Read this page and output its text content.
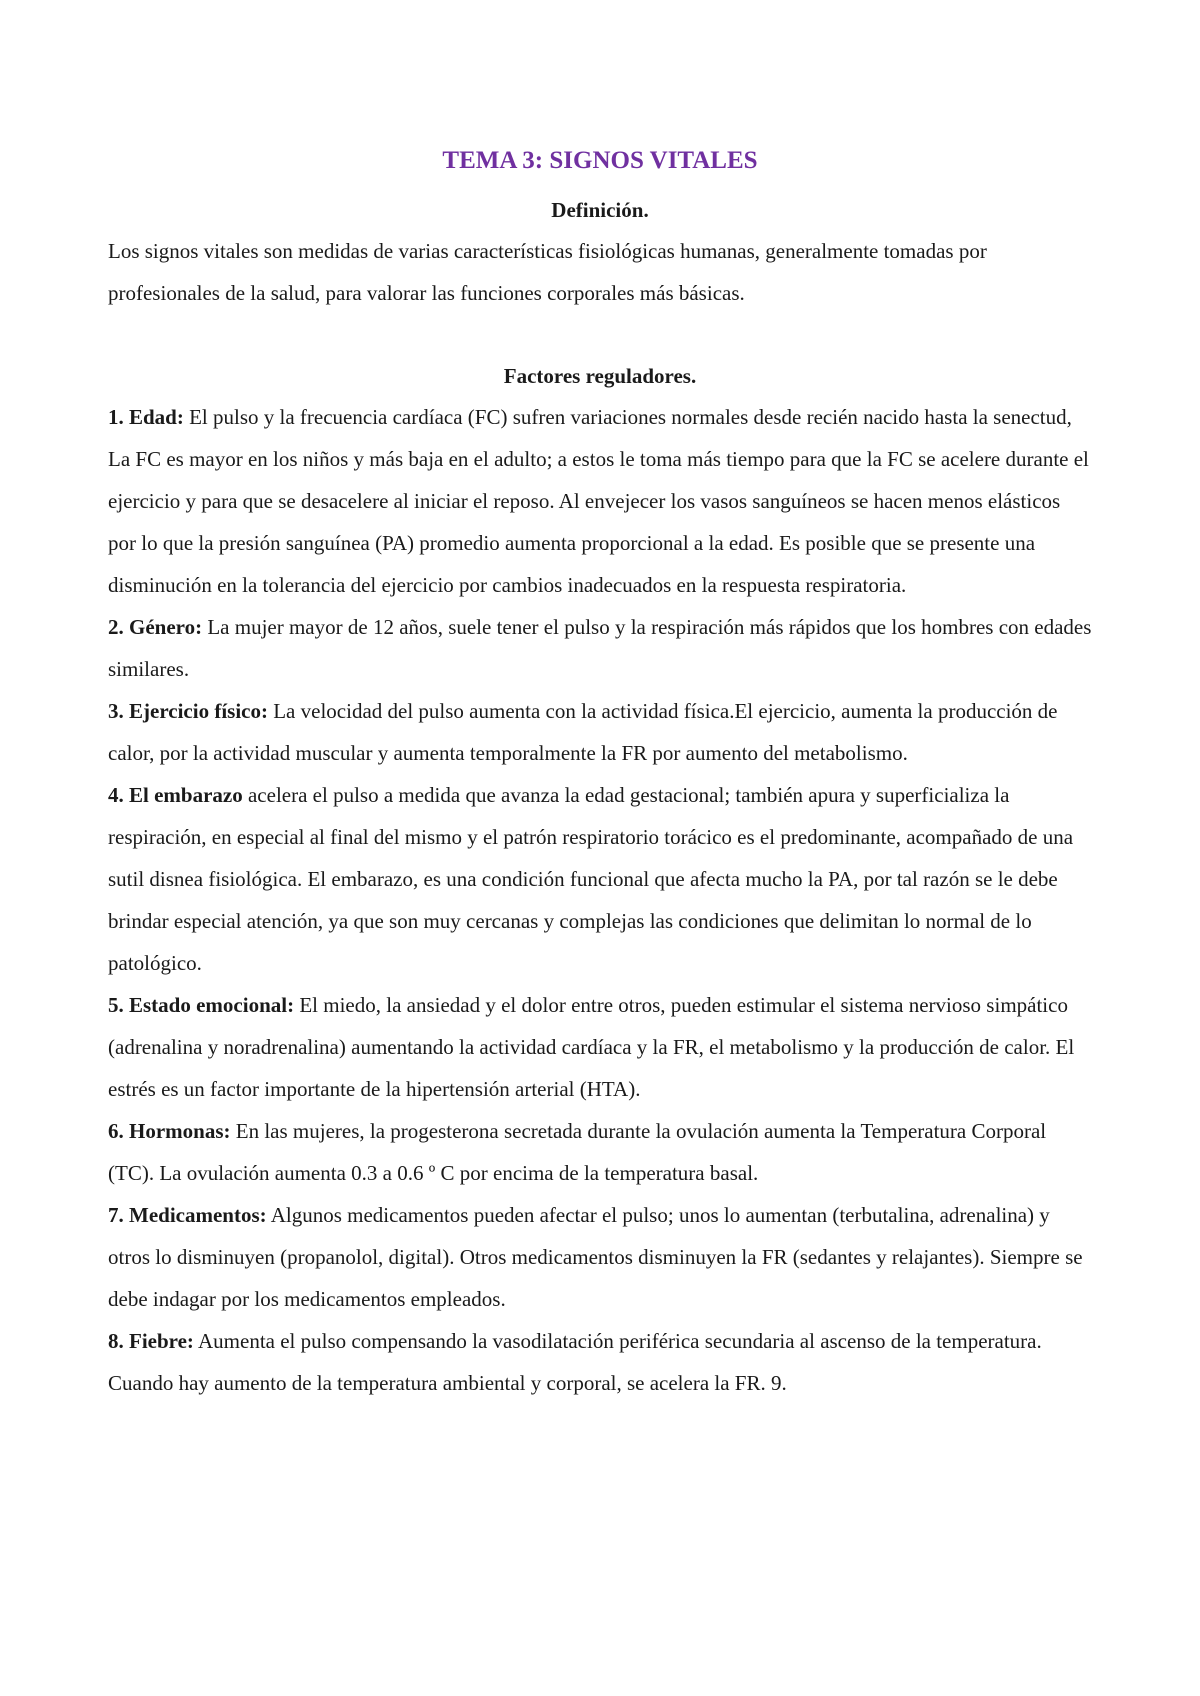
TEMA 3: SIGNOS VITALES
Definición.

Los signos vitales son medidas de varias características fisiológicas humanas, generalmente tomadas por profesionales de la salud, para valorar las funciones corporales más básicas.

Factores reguladores.

1. Edad: El pulso y la frecuencia cardíaca (FC) sufren variaciones normales desde recién nacido hasta la senectud, La FC es mayor en los niños y más baja en el adulto; a estos le toma más tiempo para que la FC se acelere durante el ejercicio y para que se desacelere al iniciar el reposo. Al envejecer los vasos sanguíneos se hacen menos elásticos por lo que la presión sanguínea (PA) promedio aumenta proporcional a la edad. Es posible que se presente una disminución en la tolerancia del ejercicio por cambios inadecuados en la respuesta respiratoria.

2. Género: La mujer mayor de 12 años, suele tener el pulso y la respiración más rápidos que los hombres con edades similares.

3. Ejercicio físico: La velocidad del pulso aumenta con la actividad física.El ejercicio, aumenta la producción de calor, por la actividad muscular y aumenta temporalmente la FR por aumento del metabolismo.

4. El embarazo acelera el pulso a medida que avanza la edad gestacional; también apura y superficializa la respiración, en especial al final del mismo y el patrón respiratorio torácico es el predominante, acompañado de una sutil disnea fisiológica. El embarazo, es una condición funcional que afecta mucho la PA, por tal razón se le debe brindar especial atención, ya que son muy cercanas y complejas las condiciones que delimitan lo normal de lo patológico.

5. Estado emocional: El miedo, la ansiedad y el dolor entre otros, pueden estimular el sistema nervioso simpático (adrenalina y noradrenalina) aumentando la actividad cardíaca y la FR, el metabolismo y la producción de calor. El estrés es un factor importante de la hipertensión arterial (HTA).

6. Hormonas: En las mujeres, la progesterona secretada durante la ovulación aumenta la Temperatura Corporal (TC). La ovulación aumenta 0.3 a 0.6 º C por encima de la temperatura basal.

7. Medicamentos: Algunos medicamentos pueden afectar el pulso; unos lo aumentan (terbutalina, adrenalina) y otros lo disminuyen (propanolol, digital). Otros medicamentos disminuyen la FR (sedantes y relajantes). Siempre se debe indagar por los medicamentos empleados.

8. Fiebre: Aumenta el pulso compensando la vasodilatación periférica secundaria al ascenso de la temperatura. Cuando hay aumento de la temperatura ambiental y corporal, se acelera la FR. 9.
